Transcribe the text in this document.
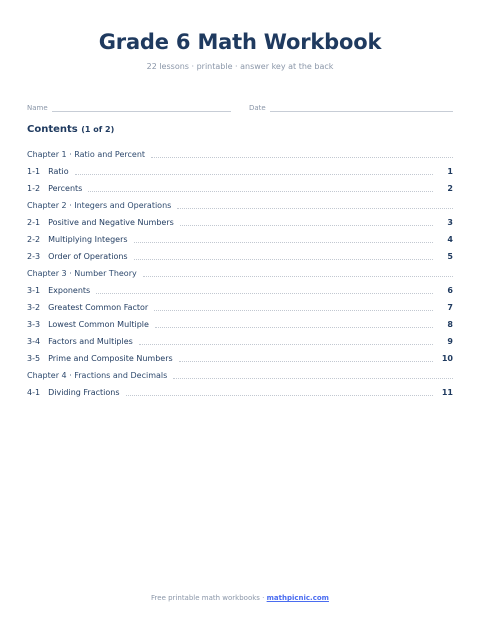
Grade 6 Math Workbook
22 lessons · printable · answer key at the back
Name	Date
Contents (1 of 2)
Chapter 1 · Ratio and Percent
1-1 Ratio	1
1-2 Percents	2
Chapter 2 · Integers and Operations
2-1 Positive and Negative Numbers	3
2-2 Multiplying Integers	4
2-3 Order of Operations	5
Chapter 3 · Number Theory
3-1 Exponents	6
3-2 Greatest Common Factor	7
3-3 Lowest Common Multiple	8
3-4 Factors and Multiples	9
3-5 Prime and Composite Numbers	10
Chapter 4 · Fractions and Decimals
4-1 Dividing Fractions	11
Free printable math workbooks · mathpicnic.com
